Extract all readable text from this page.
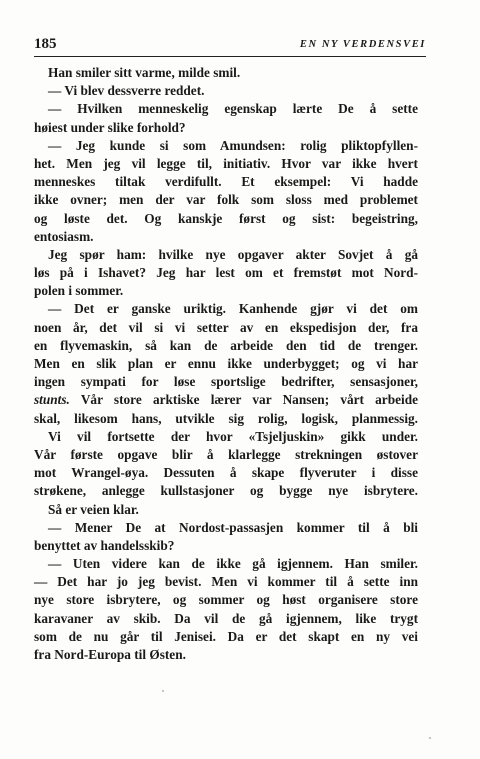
185	EN NY VERDENSVEI
Han smiler sitt varme, milde smil.
— Vi blev dessverre reddet.
— Hvilken menneskelig egenskap lærte De å sette
høiest under slike forhold?
— Jeg kunde si som Amundsen: rolig pliktopfyllen-
het. Men jeg vil legge til, initiativ. Hvor var ikke hvert
menneskes tiltak verdifullt. Et eksempel: Vi hadde
ikke ovner; men der var folk som sloss med problemet
og løste det. Og kanskje først og sist: begeistring,
entosiasm.
Jeg spør ham: hvilke nye opgaver akter Sovjet å gå
løs på i Ishavet? Jeg har lest om et fremstøt mot Nord-
polen i sommer.
— Det er ganske uriktig. Kanhende gjør vi det om
noen år, det vil si vi setter av en ekspedisjon der, fra
en flyvemaskin, så kan de arbeide den tid de trenger.
Men en slik plan er ennu ikke underbygget; og vi har
ingen sympati for løse sportslige bedrifter, sensasjoner,
stunts. Vår store arktiske lærer var Nansen; vårt arbeide
skal, likesom hans, utvikle sig rolig, logisk, planmessig.
Vi vil fortsette der hvor «Tsjeljuskin» gikk under.
Vår første opgave blir å klarlegge strekningen østover
mot Wrangel-øya. Dessuten å skape flyveruter i disse
strøkene, anlegge kullstasjoner og bygge nye isbrytere.
Så er veien klar.
— Mener De at Nordost-passasjen kommer til å bli
benyttet av handelsskib?
— Uten videre kan de ikke gå igjennem. Han smiler.
— Det har jo jeg bevist. Men vi kommer til å sette inn
nye store isbrytere, og sommer og høst organisere store
karavaner av skib. Da vil de gå igjennem, like trygt
som de nu går til Jenisei. Da er det skapt en ny vei
fra Nord-Europa til Østen.
